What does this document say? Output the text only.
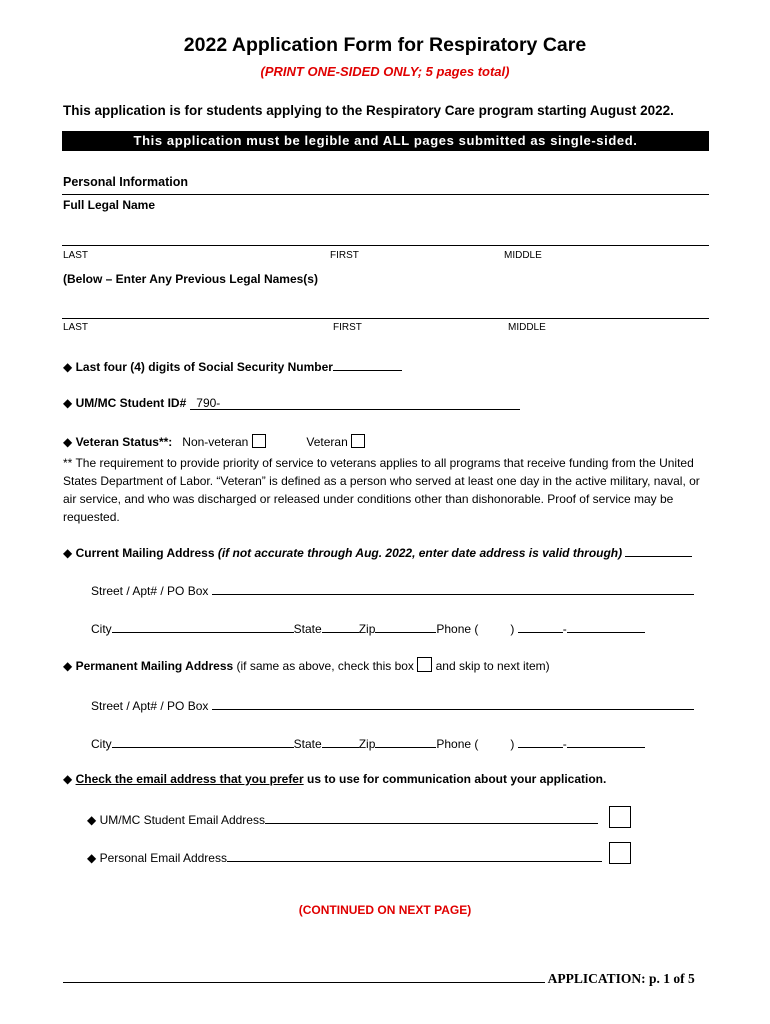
2022 Application Form for Respiratory Care
(PRINT ONE-SIDED ONLY; 5 pages total)
This application is for students applying to the Respiratory Care program starting August 2022.
This application must be legible and ALL pages submitted as single-sided.
Personal Information
Full Legal Name
LAST	FIRST	MIDDLE
(Below – Enter Any Previous Legal Names(s)
LAST	FIRST	MIDDLE
◆ Last four (4) digits of Social Security Number
◆ UM/MC Student ID# 790-
◆ Veteran Status**: Non-veteran	Veteran
** The requirement to provide priority of service to veterans applies to all programs that receive funding from the United States Department of Labor. “Veteran” is defined as a person who served at least one day in the active military, naval, or air service, and who was discharged or released under conditions other than dishonorable. Proof of service may be requested.
◆ Current Mailing Address (if not accurate through Aug. 2022, enter date address is valid through)
Street / Apt# / PO Box
City	State	Zip	Phone (	)	-
◆ Permanent Mailing Address (if same as above, check this box and skip to next item)
Street / Apt# / PO Box
City	State	Zip	Phone (	)	-
◆ Check the email address that you prefer us to use for communication about your application.
◆ UM/MC Student Email Address
◆ Personal Email Address
(CONTINUED ON NEXT PAGE)
APPLICATION: p. 1 of 5
